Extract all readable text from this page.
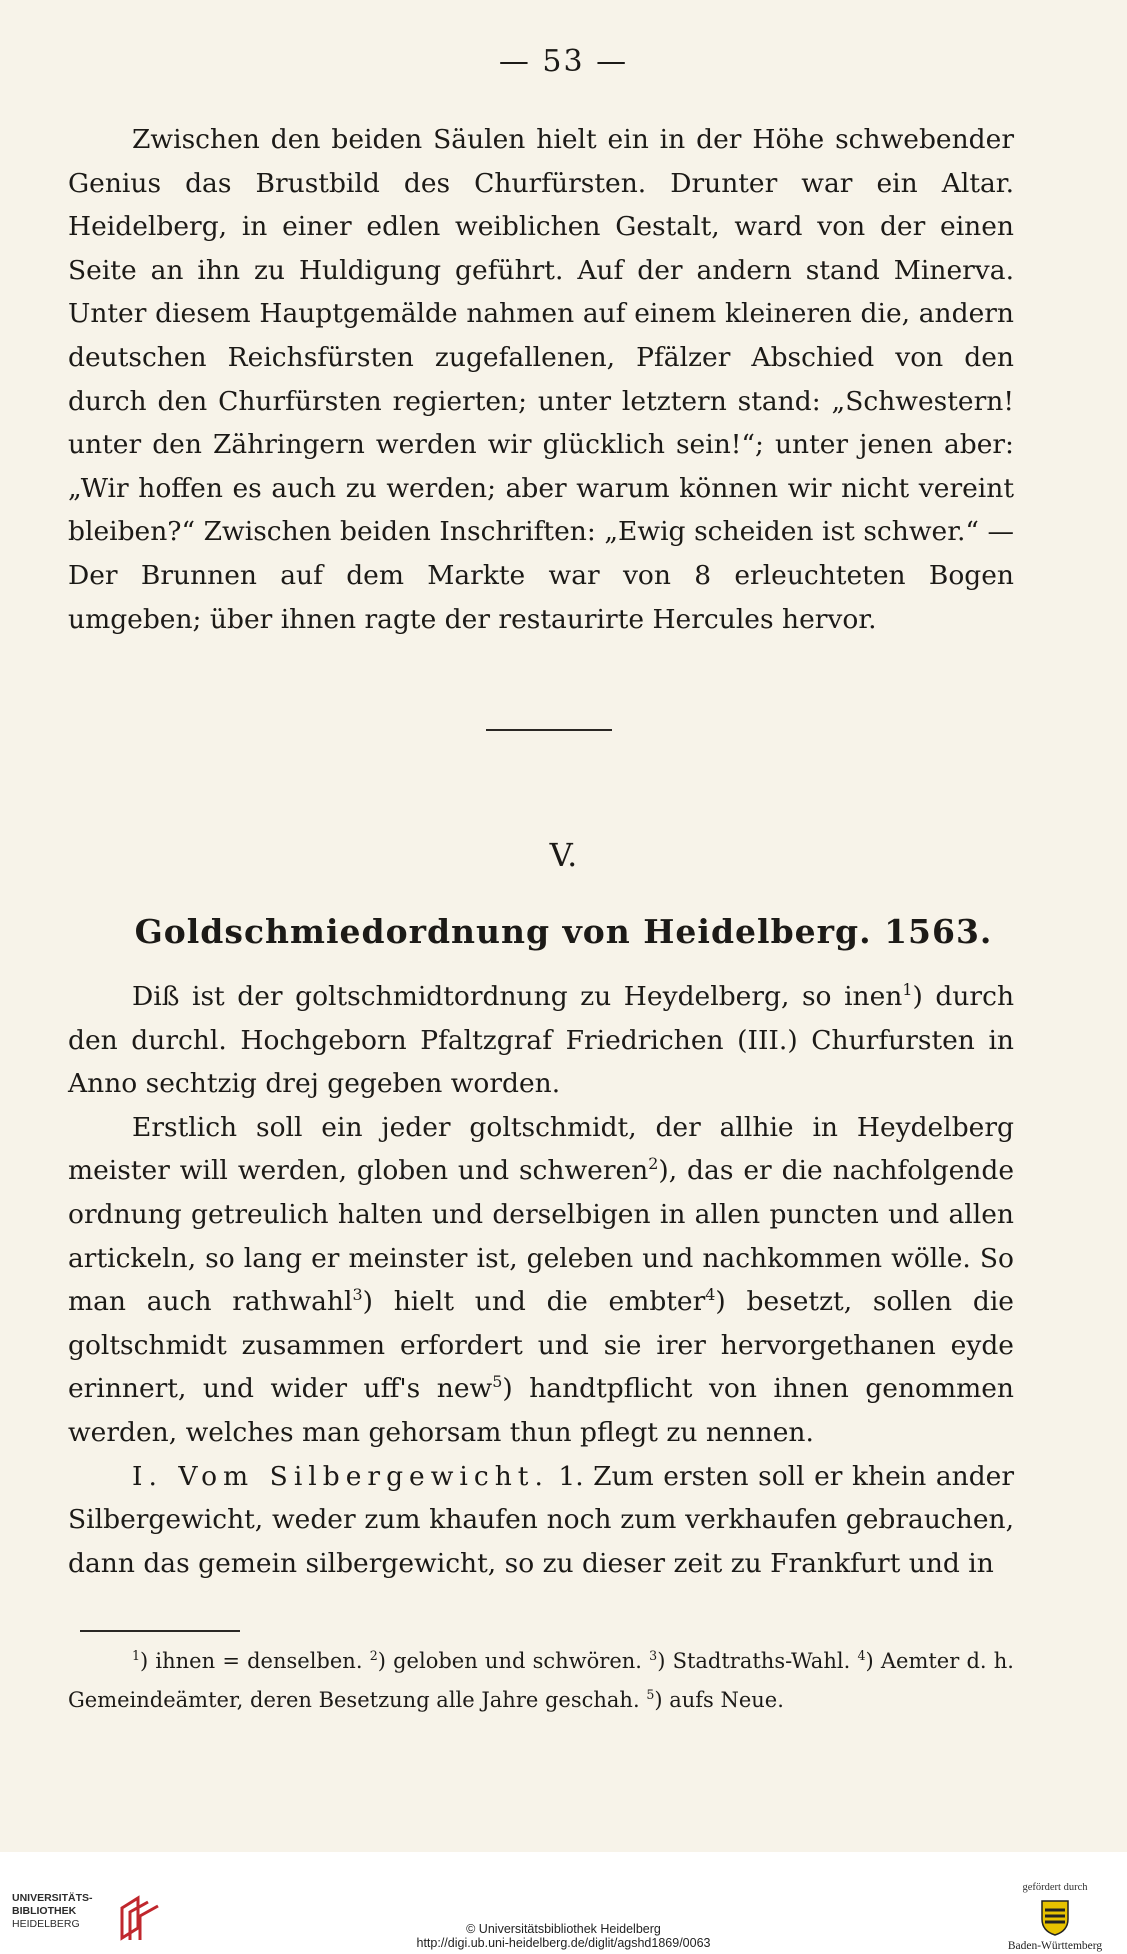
— 53 —

Zwischen den beiden Säulen hielt ein in der Höhe schwebender Genius das Brustbild des Churfürsten. Drunter war ein Altar. Heidelberg, in einer edlen weiblichen Gestalt, ward von der einen Seite an ihn zu Huldigung geführt. Auf der andern stand Minerva. Unter diesem Hauptgemälde nahmen auf einem kleineren die, andern deutschen Reichsfürsten zugefallenen, Pfälzer Abschied von den durch den Churfürsten regierten; unter letztern stand: „Schwestern! unter den Zähringern werden wir glücklich sein!“; unter jenen aber: „Wir hoffen es auch zu werden; aber warum können wir nicht vereint bleiben?“ Zwischen beiden Inschriften: „Ewig scheiden ist schwer.“ — Der Brunnen auf dem Markte war von 8 erleuchteten Bogen umgeben; über ihnen ragte der restaurirte Hercules hervor.

V.
Goldschmiedordnung von Heidelberg. 1563.

Diß ist der goltschmidtordnung zu Heydelberg, so inen$^1$) durch den durchl. Hochgeborn Pfaltzgraf Friedrichen (III.) Churfursten in Anno sechtzig drej gegeben worden.

Erstlich soll ein jeder goltschmidt, der allhie in Heydelberg meister will werden, globen und schweren$^2$), das er die nachfolgende ordnung getreulich halten und derselbigen in allen puncten und allen artickeln, so lang er meinster ist, geleben und nachkommen wölle. So man auch rathwahl$^3$) hielt und die embter$^4$) besetzt, sollen die goltschmidt zusammen erfordert und sie irer hervorgethanen eyde erinnert, und wider uff's new$^5$) handtpflicht von ihnen genommen werden, welches man gehorsam thun pflegt zu nennen.

I. Vom Silbergewicht. 1. Zum ersten soll er khein ander Silbergewicht, weder zum khaufen noch zum verkhaufen gebrauchen, dann das gemein silbergewicht, so zu dieser zeit zu Frankfurt und in

$^1$) ihnen = denselben. $^2$) geloben und schwören. $^3$) Stadtraths-Wahl. $^4$) Aemter d. h. Gemeindeämter, deren Besetzung alle Jahre geschah. $^5$) aufs Neue.

UNIVERSITÄTS-
BIBLIOTHEK
HEIDELBERG	© Universitätsbibliothek Heidelberg
http://digi.ub.uni-heidelberg.de/diglit/agshd1869/0063
gefördert durch
Baden-Württemberg
